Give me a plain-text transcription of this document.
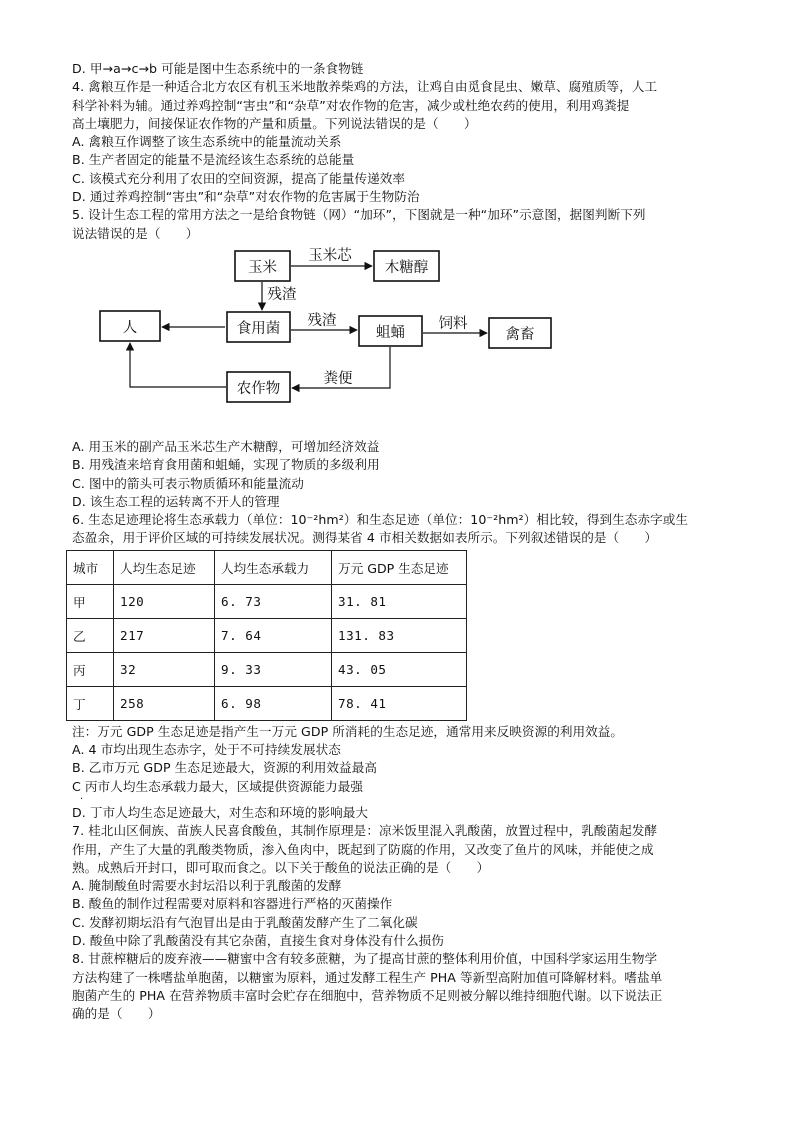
D. 甲→a→c→b 可能是图中生态系统中的一条食物链
4. 禽粮互作是一种适合北方农区有机玉米地散养柴鸡的方法，让鸡自由觅食昆虫、嫩草、腐殖质等，人工
科学补料为辅。通过养鸡控制“害虫”和“杂草”对农作物的危害，减少或杜绝农药的使用，利用鸡粪提
高土壤肥力，间接保证农作物的产量和质量。下列说法错误的是（　　）
A. 禽粮互作调整了该生态系统中的能量流动关系
B. 生产者固定的能量不是流经该生态系统的总能量
C. 该模式充分利用了农田的空间资源，提高了能量传递效率
D. 通过养鸡控制“害虫”和“杂草”对农作物的危害属于生物防治
5. 设计生态工程的常用方法之一是给食物链（网）“加环”，下图就是一种“加环”示意图，据图判断下列
说法错误的是（　　）
玉米	木糖醇
人	食用菌	蛆蛹	禽畜
农作物
玉米芯
残渣
残渣	饲料
粪便
A. 用玉米的副产品玉米芯生产木糖醇，可增加经济效益
B. 用残渣来培育食用菌和蛆蛹，实现了物质的多级利用
C. 图中的箭头可表示物质循环和能量流动
D. 该生态工程的运转离不开人的管理
6. 生态足迹理论将生态承载力（单位：10⁻²hm²）和生态足迹（单位：10⁻²hm²）相比较，得到生态赤字或生
态盈余，用于评价区域的可持续发展状况。测得某省 4 市相关数据如表所示。下列叙述错误的是（　　）
城市	人均生态足迹	人均生态承载力	万元 GDP 生态足迹
甲	120	6. 73	31. 81
乙	217	7. 64	131. 83
丙	32	9. 33	43. 05
丁	258	6. 98	78. 41
注：万元 GDP 生态足迹是指产生一万元 GDP 所消耗的生态足迹，通常用来反映资源的利用效益。
A. 4 市均出现生态赤字，处于不可持续发展状态
B. 乙市万元 GDP 生态足迹最大，资源的利用效益最高
C 丙市人均生态承载力最大，区域提供资源能力最强
·
D. 丁市人均生态足迹最大，对生态和环境的影响最大
7. 桂北山区侗族、苗族人民喜食酸鱼，其制作原理是：凉米饭里混入乳酸菌，放置过程中，乳酸菌起发酵
作用，产生了大量的乳酸类物质，渗入鱼肉中，既起到了防腐的作用，又改变了鱼片的风味，并能使之成
熟。成熟后开封口，即可取而食之。以下关于酸鱼的说法正确的是（　　）
A. 腌制酸鱼时需要水封坛沿以利于乳酸菌的发酵
B. 酸鱼的制作过程需要对原料和容器进行严格的灭菌操作
C. 发酵初期坛沿有气泡冒出是由于乳酸菌发酵产生了二氧化碳
D. 酸鱼中除了乳酸菌没有其它杂菌，直接生食对身体没有什么损伤
8. 甘蔗榨糖后的废弃液——糖蜜中含有较多蔗糖，为了提高甘蔗的整体利用价值，中国科学家运用生物学
方法构建了一株嗜盐单胞菌，以糖蜜为原料，通过发酵工程生产 PHA 等新型高附加值可降解材料。嗜盐单
胞菌产生的 PHA 在营养物质丰富时会贮存在细胞中，营养物质不足则被分解以维持细胞代谢。以下说法正
确的是（　　）
